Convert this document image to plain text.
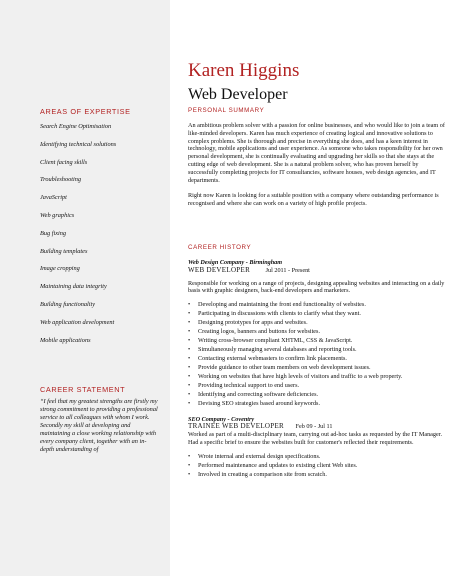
AREAS OF EXPERTISE
Search Engine Optimisation
Identifying technical solutions
Client facing skills
Troubleshooting
JavaScript
Web graphics
Bug fixing
Building templates
Image cropping
Maintaining data integrity
Building functionality
Web application development
Mobile applications
CAREER STATEMENT

“I feel that my greatest strengths are firstly my strong commitment to providing a professional service to all colleagues with whom I work. Secondly my skill at developing and maintaining a close working relationship with every company client, together with an in-depth understanding of

Karen Higgins
Web Developer
PERSONAL SUMMARY

An ambitious problem solver with a passion for online businesses, and who would like to join a team of like-minded developers. Karen has much experience of creating logical and innovative solutions to complex problems. She is thorough and precise in everything she does, and has a keen interest in technology, mobile applications and user experience. As someone who takes responsibility for her own personal development, she is continually evaluating and upgrading her skills so that she stays at the cutting edge of web development. She is a natural problem solver, who has proven herself by successfully completing projects for IT consultancies, software houses, web design agencies, and IT departments.

Right now Karen is looking for a suitable position with a company where outstanding performance is recognised and where she can work on a variety of high profile projects.

CAREER HISTORY

Web Design Company - Birmingham

WEB DEVELOPER	Jul 2011 - Present

Responsible for working on a range of projects, designing appealing websites and interacting on a daily basis with graphic designers, back-end developers and marketers.

• Developing and maintaining the front end functionality of websites.
• Participating in discussions with clients to clarify what they want.
• Designing prototypes for apps and websites.
• Creating logos, banners and buttons for websites.
• Writing cross-browser compliant XHTML, CSS & JavaScript.
• Simultaneously managing several databases and reporting tools.
• Contacting external webmasters to confirm link placements.
• Provide guidance to other team members on web development issues.
• Working on websites that have high levels of visitors and traffic to a web property.
• Providing technical support to end users.
• Identifying and correcting software deficiencies.
• Devising SEO strategies based around keywords.

SEO Company - Coventry

TRAINEE WEB DEVELOPER Feb 09 - Jul 11

Worked as part of a multi-disciplinary team, carrying out ad-hoc tasks as requested by the IT Manager. Had a specific brief to ensure the websites built for customer's reflected their requirements.

• Wrote internal and external design specifications.
• Performed maintenance and updates to existing client Web sites.
• Involved in creating a comparison site from scratch.
